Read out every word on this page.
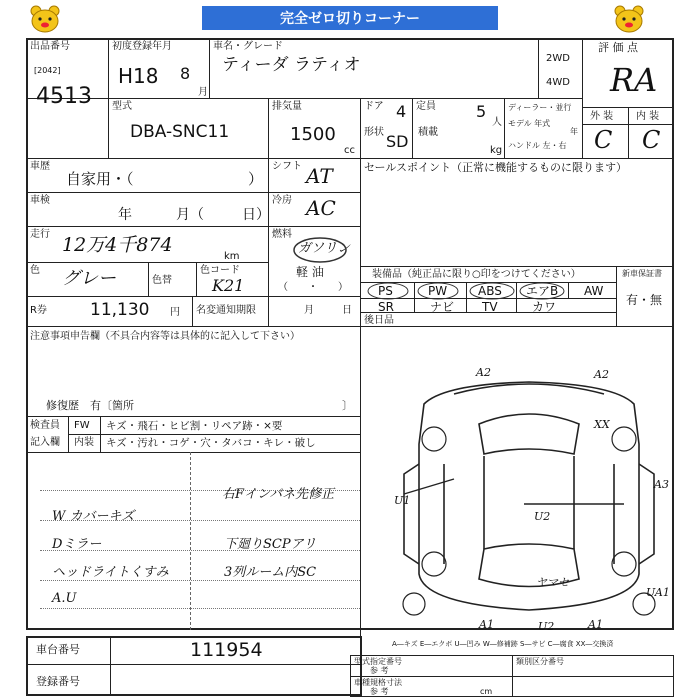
完全ゼロ切りコーナー
出品番号
[2042]
4513
初度登録年月
H18 8
月
車名・グレード
ティーダ ラティオ	2WD
4WD
評 価 点
RA
外 装 内 装
C C
型式
DBA-SNC11
排気量
1500
cc
ドア 4
形状 SD
定員	5
人
積載
kg
ディーラー・並行
モデル 年式
年
ハンドル 左・右
車歴
自家用・（	）
シフト AT
車検
年	月（	日）
冷房 AC
走行 12万4千874
km
燃料
ガソリン
軽 油
（　　・　　）
色 グレー	色替
色コード
K21
R券	11,130 円 名変通知期限	月	日
セールスポイント（正常に機能するものに限ります）
装備品（純正品に限り○印をつけてください）	新車保証書
有・無
PS	PW	ABS エアB AW
SR	ナビ TV	カワ
後日品
注意事項申告欄（不具合内容等は具体的に記入して下さい）
修復歴　有〔箇所	〕
検査員
記入欄
FW キズ・飛石・ヒビ割・リペア跡・×要
内装 キズ・汚れ・コゲ・穴・タバコ・キレ・破し
W カバーキズ
Dミラー
ヘッドライトくすみ
A.U
右Fインパネ先修正
下廻りSCPアリ
3列ルーム内SC
A2	A2
XX
U1
U2
A3
ヤマセ
UA1
A1	U2	A1
A―キズ E―エクボ U―凹み W―修補跡 S―サビ C―腐食 XX―交換済
車台番号	111954
登録番号
型式指定番号
参 考
類別区分番号
車種規格寸法
参 考	cm
